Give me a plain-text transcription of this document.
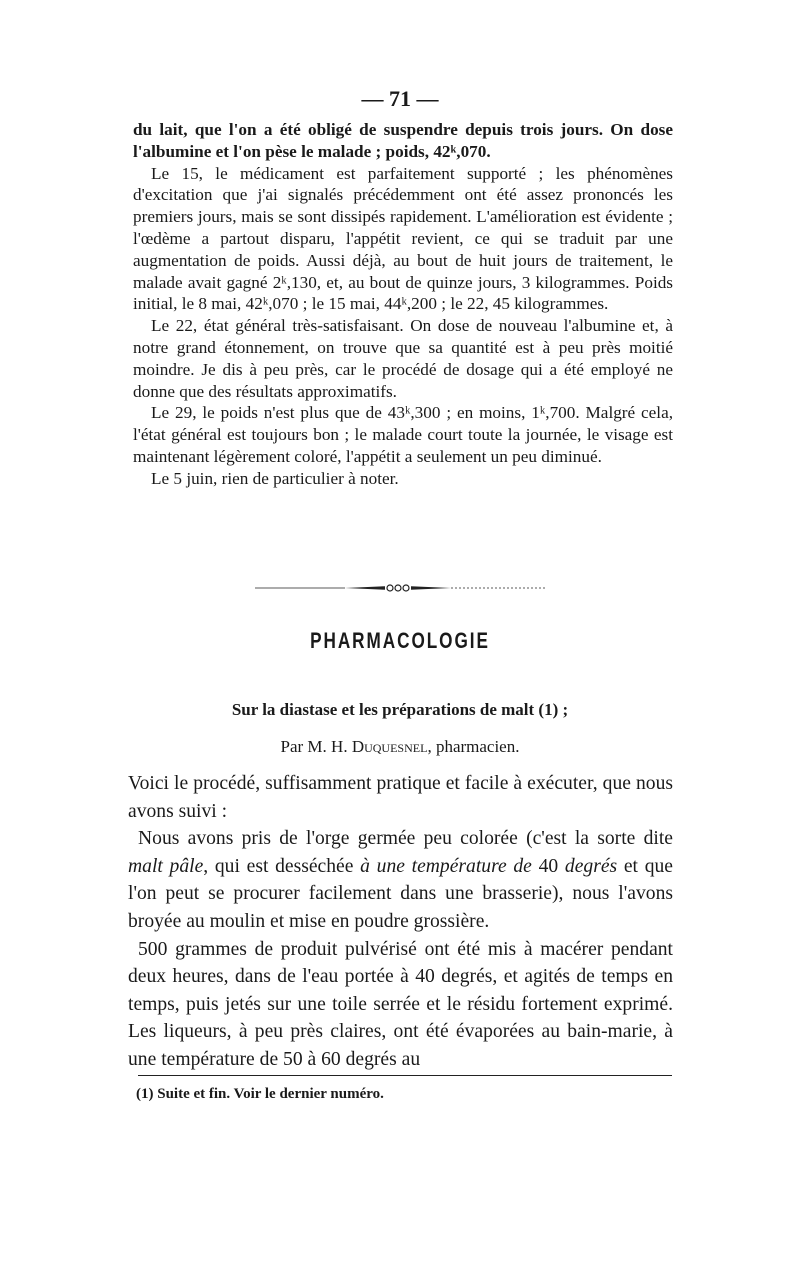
— 71 —

du lait, que l'on a été obligé de suspendre depuis trois jours. On dose l'albumine et l'on pèse le malade ; poids, 42ᵏ,070.

Le 15, le médicament est parfaitement supporté ; les phénomènes d'excitation que j'ai signalés précédemment ont été assez prononcés les premiers jours, mais se sont dissipés rapidement. L'amélioration est évidente ; l'œdème a partout disparu, l'appétit revient, ce qui se traduit par une augmentation de poids. Aussi déjà, au bout de huit jours de traitement, le malade avait gagné 2ᵏ,130, et, au bout de quinze jours, 3 kilogrammes. Poids initial, le 8 mai, 42ᵏ,070 ; le 15 mai, 44ᵏ,200 ; le 22, 45 kilogrammes.

Le 22, état général très-satisfaisant. On dose de nouveau l'albumine et, à notre grand étonnement, on trouve que sa quantité est à peu près moitié moindre. Je dis à peu près, car le procédé de dosage qui a été employé ne donne que des résultats approximatifs.

Le 29, le poids n'est plus que de 43ᵏ,300 ; en moins, 1ᵏ,700. Malgré cela, l'état général est toujours bon ; le malade court toute la journée, le visage est maintenant légèrement coloré, l'appétit a seulement un peu diminué.

Le 5 juin, rien de particulier à noter.

PHARMACOLOGIE
Sur la diastase et les préparations de malt (1) ;
Par M. H. Duquesnel, pharmacien.

Voici le procédé, suffisamment pratique et facile à exécuter, que nous avons suivi :

Nous avons pris de l'orge germée peu colorée (c'est la sorte dite malt pâle, qui est desséchée à une température de 40 degrés et que l'on peut se procurer facilement dans une brasserie), nous l'avons broyée au moulin et mise en poudre grossière.

500 grammes de produit pulvérisé ont été mis à macérer pendant deux heures, dans de l'eau portée à 40 degrés, et agités de temps en temps, puis jetés sur une toile serrée et le résidu fortement exprimé. Les liqueurs, à peu près claires, ont été évaporées au bain-marie, à une température de 50 à 60 degrés au

(1) Suite et fin. Voir le dernier numéro.
